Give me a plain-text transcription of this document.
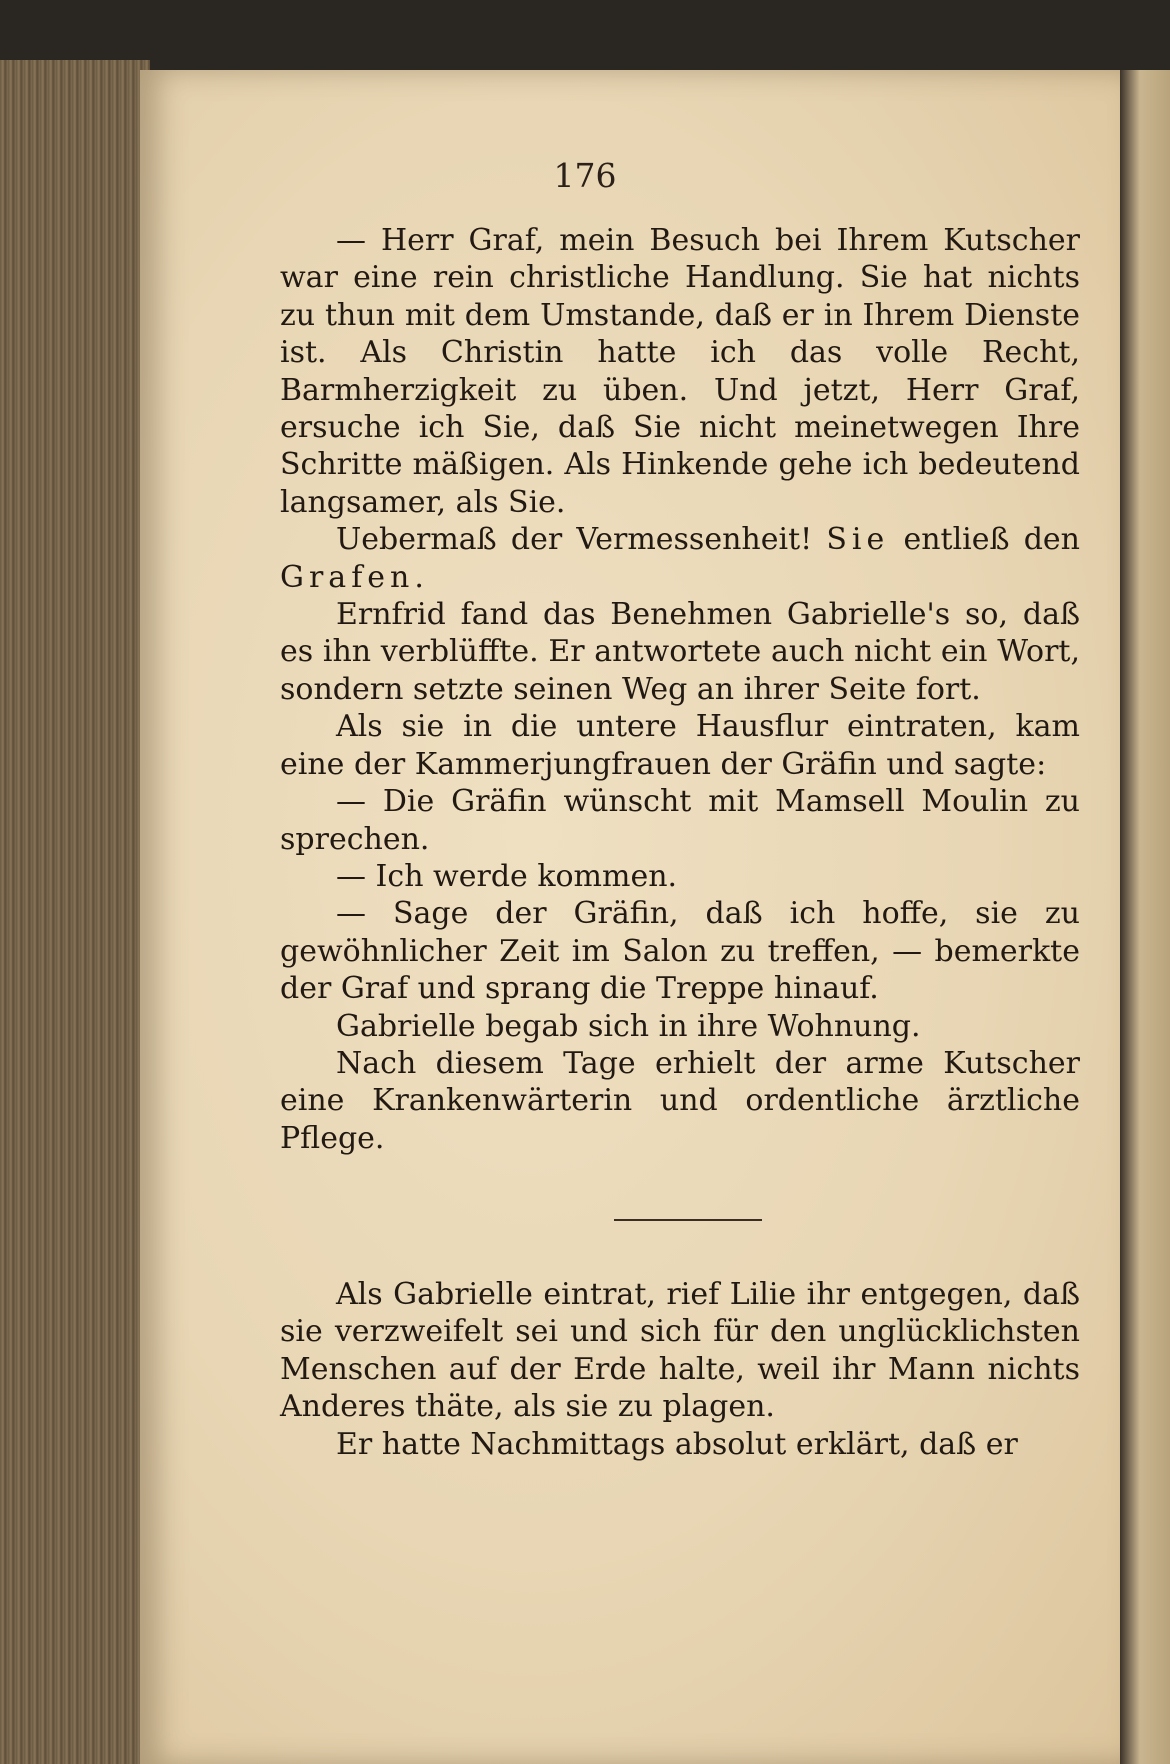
176

— Herr Graf, mein Besuch bei Ihrem Kutscher war eine rein christliche Handlung. Sie hat nichts zu thun mit dem Umstande, daß er in Ihrem Dienste ist. Als Christin hatte ich das volle Recht, Barmherzigkeit zu üben. Und jetzt, Herr Graf, ersuche ich Sie, daß Sie nicht meinetwegen Ihre Schritte mäßigen. Als Hinkende gehe ich bedeutend langsamer, als Sie.

Uebermaß der Vermessenheit! Sie entließ den Grafen.

Ernfrid fand das Benehmen Gabrielle's so, daß es ihn verblüffte. Er antwortete auch nicht ein Wort, sondern setzte seinen Weg an ihrer Seite fort.

Als sie in die untere Hausflur eintraten, kam eine der Kammerjungfrauen der Gräfin und sagte:

— Die Gräfin wünscht mit Mamsell Moulin zu sprechen.

— Ich werde kommen.

— Sage der Gräfin, daß ich hoffe, sie zu gewöhnlicher Zeit im Salon zu treffen, — bemerkte der Graf und sprang die Treppe hinauf.

Gabrielle begab sich in ihre Wohnung.

Nach diesem Tage erhielt der arme Kutscher eine Krankenwärterin und ordentliche ärztliche Pflege.

Als Gabrielle eintrat, rief Lilie ihr entgegen, daß sie verzweifelt sei und sich für den unglücklichsten Menschen auf der Erde halte, weil ihr Mann nichts Anderes thäte, als sie zu plagen.

Er hatte Nachmittags absolut erklärt, daß er
